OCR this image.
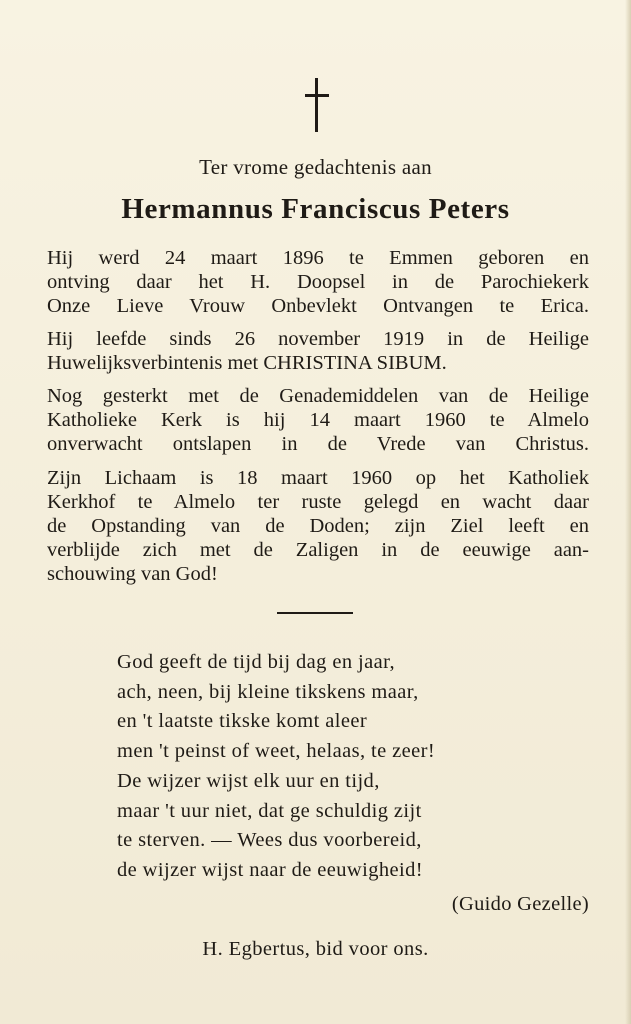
Ter vrome gedachtenis aan
Hermannus Franciscus Peters
Hij werd 24 maart 1896 te Emmen geboren en
ontving daar het H. Doopsel in de Parochiekerk
Onze Lieve Vrouw Onbevlekt Ontvangen te Erica.
Hij leefde sinds 26 november 1919 in de Heilige
Huwelijksverbintenis met CHRISTINA SIBUM.
Nog gesterkt met de Genademiddelen van de Heilige
Katholieke Kerk is hij 14 maart 1960 te Almelo
onverwacht ontslapen in de Vrede van Christus.
Zijn Lichaam is 18 maart 1960 op het Katholiek
Kerkhof te Almelo ter ruste gelegd en wacht daar
de Opstanding van de Doden; zijn Ziel leeft en
verblijde zich met de Zaligen in de eeuwige aan-
schouwing van God!
God geeft de tijd bij dag en jaar,
ach, neen, bij kleine tikskens maar,
en 't laatste tikske komt aleer
men 't peinst of weet, helaas, te zeer!
De wijzer wijst elk uur en tijd,
maar 't uur niet, dat ge schuldig zijt
te sterven. — Wees dus voorbereid,
de wijzer wijst naar de eeuwigheid!
(Guido Gezelle)
H. Egbertus, bid voor ons.
